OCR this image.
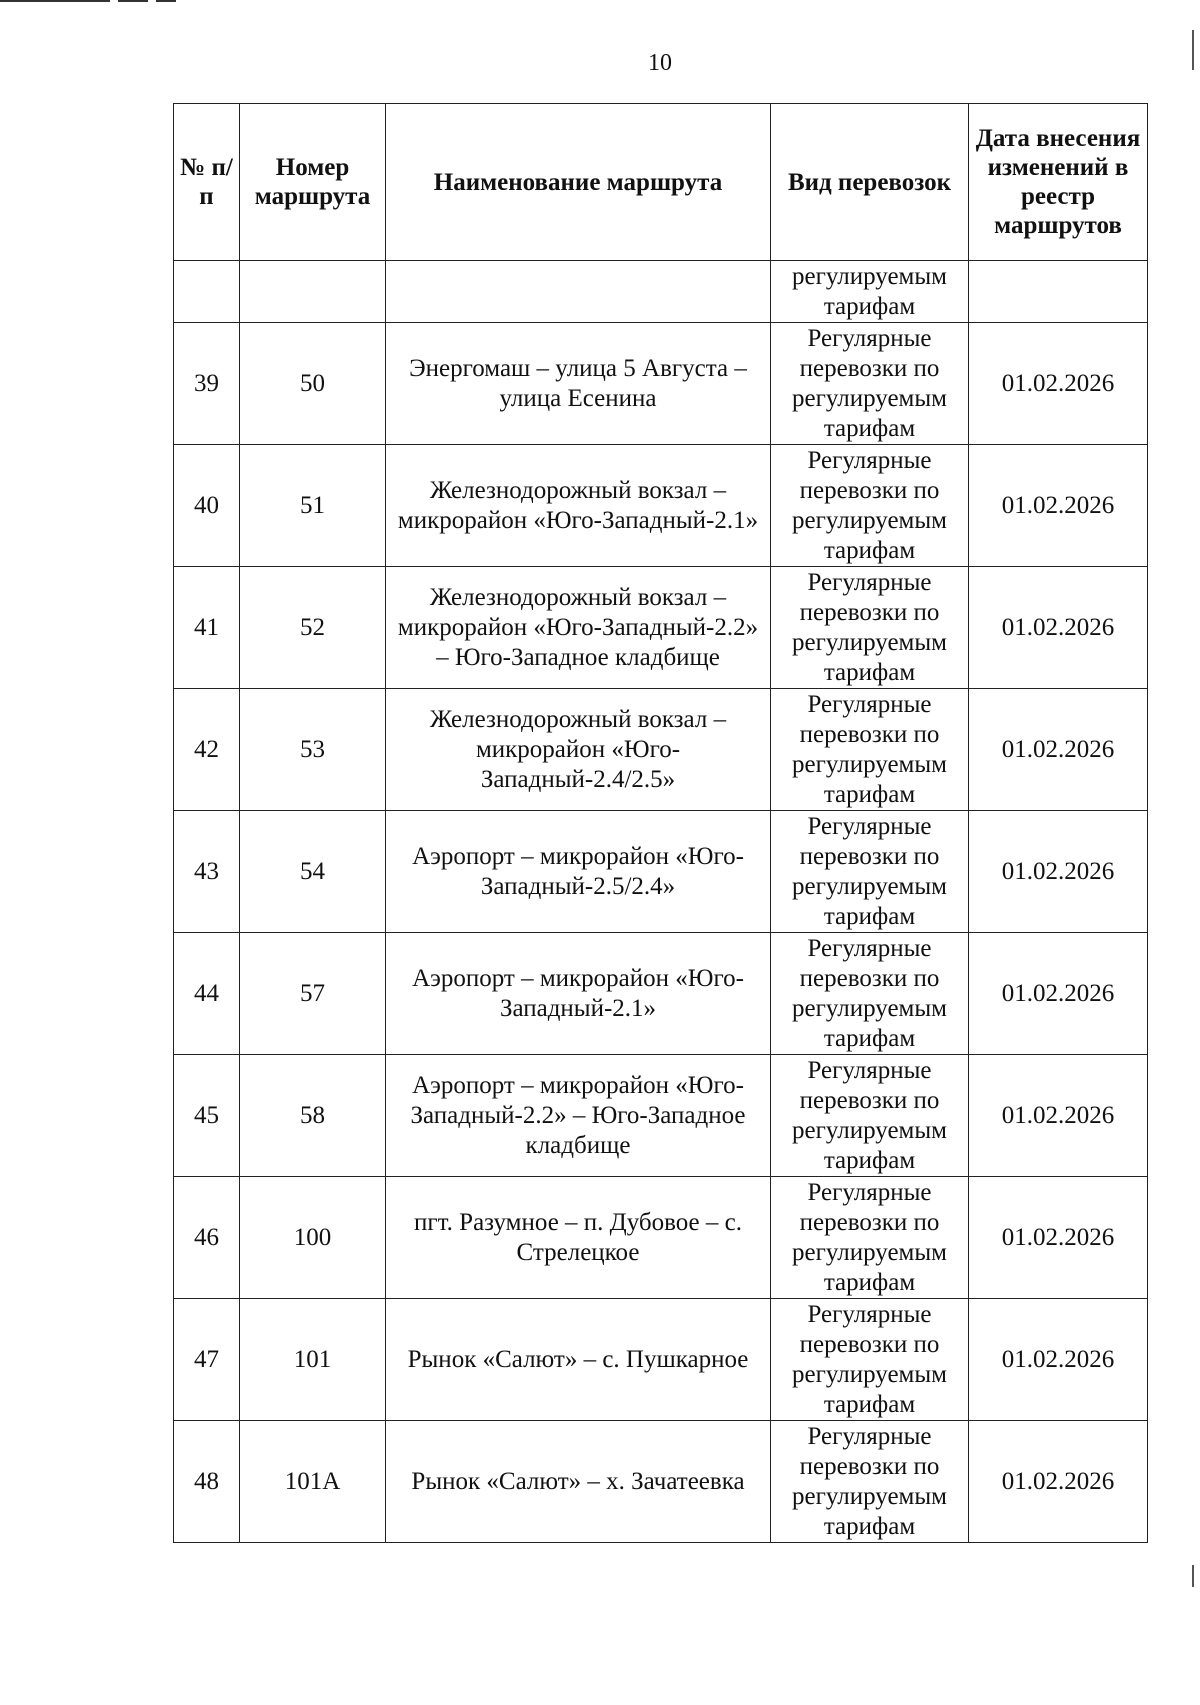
10
№ п/п	Номер маршрута	Наименование маршрута	Вид перевозок	Дата внесения изменений в реестр маршрутов
			регулируемым тарифам	
39	50	Энергомаш – улица 5 Августа – улица Есенина	Регулярные перевозки по регулируемым тарифам	01.02.2026
40	51	Железнодорожный вокзал – микрорайон «Юго-Западный-2.1»	Регулярные перевозки по регулируемым тарифам	01.02.2026
41	52	Железнодорожный вокзал – микрорайон «Юго-Западный-2.2» – Юго-Западное кладбище	Регулярные перевозки по регулируемым тарифам	01.02.2026
42	53	Железнодорожный вокзал – микрорайон «Юго-Западный-2.4/2.5»	Регулярные перевозки по регулируемым тарифам	01.02.2026
43	54	Аэропорт – микрорайон «Юго-Западный-2.5/2.4»	Регулярные перевозки по регулируемым тарифам	01.02.2026
44	57	Аэропорт – микрорайон «Юго-Западный-2.1»	Регулярные перевозки по регулируемым тарифам	01.02.2026
45	58	Аэропорт – микрорайон «Юго-Западный-2.2» – Юго-Западное кладбище	Регулярные перевозки по регулируемым тарифам	01.02.2026
46	100	пгт. Разумное – п. Дубовое – с. Стрелецкое	Регулярные перевозки по регулируемым тарифам	01.02.2026
47	101	Рынок «Салют» – с. Пушкарное	Регулярные перевозки по регулируемым тарифам	01.02.2026
48	101А	Рынок «Салют» – х. Зачатеевка	Регулярные перевозки по регулируемым тарифам	01.02.2026
